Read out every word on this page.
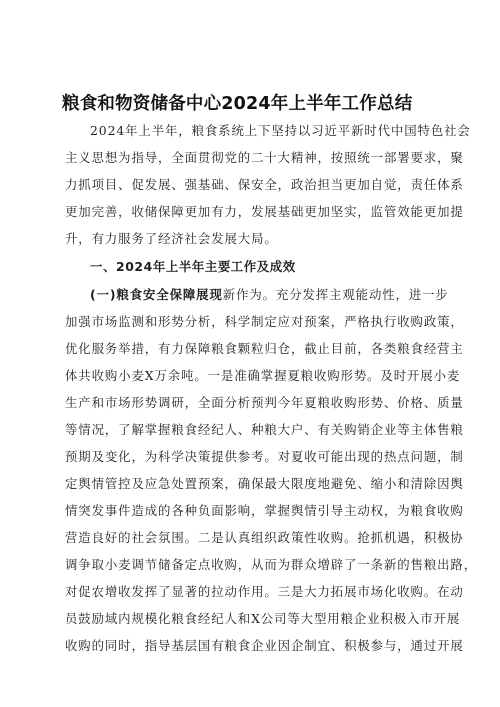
粮食和物资储备中心2024年上半年工作总结
2024年上半年，粮食系统上下坚持以习近平新时代中国特色社会
主义思想为指导，全面贯彻党的二十大精神，按照统一部署要求，聚
力抓项目、促发展、强基础、保安全，政治担当更加自觉，责任体系
更加完善，收储保障更加有力，发展基础更加坚实，监管效能更加提
升，有力服务了经济社会发展大局。
一、2024年上半年主要工作及成效
(一)粮食安全保障展现新作为。充分发挥主观能动性，进一步
加强市场监测和形势分析，科学制定应对预案，严格执行收购政策，
优化服务举措，有力保障粮食颗粒归仓，截止目前，各类粮食经营主
体共收购小麦X万余吨。一是准确掌握夏粮收购形势。及时开展小麦
生产和市场形势调研，全面分析预判今年夏粮收购形势、价格、质量
等情况，了解掌握粮食经纪人、种粮大户、有关购销企业等主体售粮
预期及变化，为科学决策提供参考。对夏收可能出现的热点问题，制
定舆情管控及应急处置预案，确保最大限度地避免、缩小和清除因舆
情突发事件造成的各种负面影响，掌握舆情引导主动权，为粮食收购
营造良好的社会氛围。二是认真组织政策性收购。抢抓机遇，积极协
调争取小麦调节储备定点收购，从而为群众增辟了一条新的售粮出路，
对促农增收发挥了显著的拉动作用。三是大力拓展市场化收购。在动
员鼓励域内规模化粮食经纪人和X公司等大型用粮企业积极入市开展
收购的同时，指导基层国有粮食企业因企制宜、积极参与，通过开展
